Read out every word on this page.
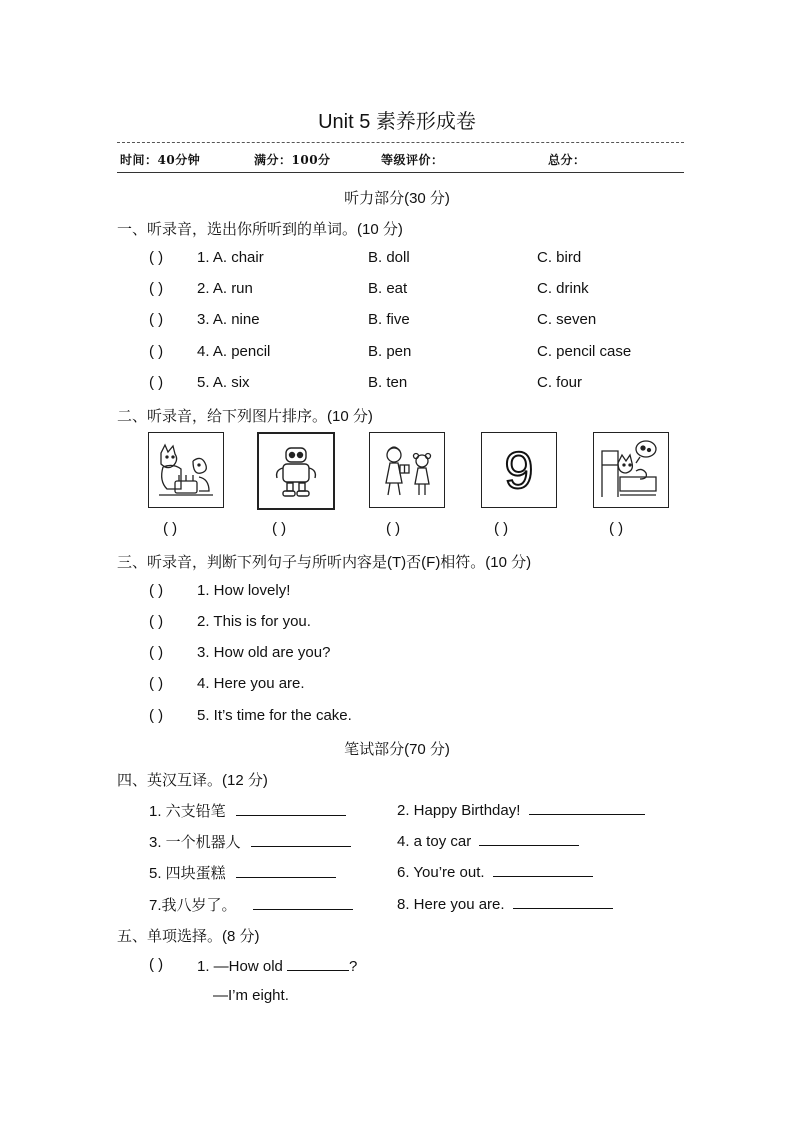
Unit 5 素养形成卷
时间：40分钟	满分：100分	等级评价：	总分：
听力部分(30 分)
一、听录音，选出你所听到的单词。(10 分)
( ) 1. A. chair	B. doll	C. bird
( ) 2. A. run	B. eat	C. drink
( ) 3. A. nine	B. five	C. seven
( ) 4. A. pencil	B. pen	C. pencil case
( ) 5. A. six	B. ten	C. four
二、听录音，给下列图片排序。(10 分)
9
( )	( )	( )	( )	( )
三、听录音，判断下列句子与所听内容是(T)否(F)相符。(10 分)
( ) 1. How lovely!
( ) 2. This is for you.
( ) 3. How old are you?
( ) 4. Here you are.
( ) 5. It’s time for the cake.
笔试部分(70 分)
四、英汉互译。(12 分)
1. 六支铅笔	2. Happy Birthday!
3. 一个机器人	4. a toy car
5. 四块蛋糕	6. You’re out.
7.我八岁了。	8. Here you are.
五、单项选择。(8 分)
( ) 1. —How old	?
—I’m eight.
